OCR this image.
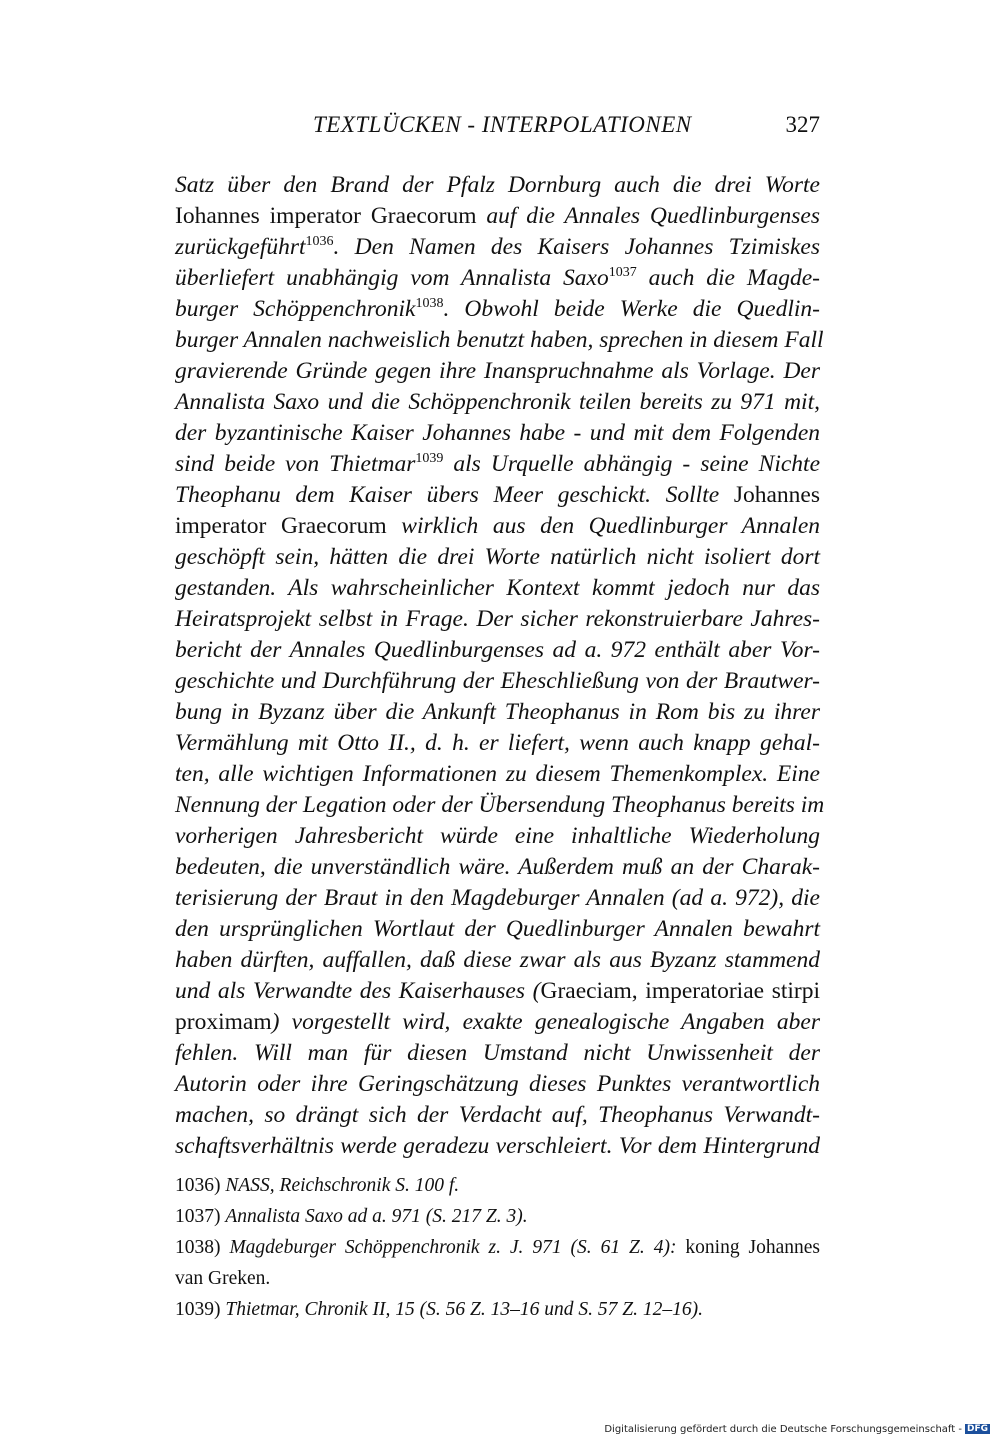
TEXTLÜCKEN - INTERPOLATIONEN	327
Satz über den Brand der Pfalz Dornburg auch die drei Worte
Iohannes imperator Graecorum auf die Annales Quedlinburgenses
zurückgeführt$^{1036}$. Den Namen des Kaisers Johannes Tzimiskes
überliefert unabhängig vom Annalista Saxo$^{1037}$ auch die Magde-
burger Schöppenchronik$^{1038}$. Obwohl beide Werke die Quedlin-
burger Annalen nachweislich benutzt haben, sprechen in diesem Fall
gravierende Gründe gegen ihre Inanspruchnahme als Vorlage. Der
Annalista Saxo und die Schöppenchronik teilen bereits zu 971 mit,
der byzantinische Kaiser Johannes habe - und mit dem Folgenden
sind beide von Thietmar$^{1039}$ als Urquelle abhängig - seine Nichte
Theophanu dem Kaiser übers Meer geschickt. Sollte Johannes
imperator Graecorum wirklich aus den Quedlinburger Annalen
geschöpft sein, hätten die drei Worte natürlich nicht isoliert dort
gestanden. Als wahrscheinlicher Kontext kommt jedoch nur das
Heiratsprojekt selbst in Frage. Der sicher rekonstruierbare Jahres-
bericht der Annales Quedlinburgenses ad a. 972 enthält aber Vor-
geschichte und Durchführung der Eheschließung von der Brautwer-
bung in Byzanz über die Ankunft Theophanus in Rom bis zu ihrer
Vermählung mit Otto II., d. h. er liefert, wenn auch knapp gehal-
ten, alle wichtigen Informationen zu diesem Themenkomplex. Eine
Nennung der Legation oder der Übersendung Theophanus bereits im
vorherigen Jahresbericht würde eine inhaltliche Wiederholung
bedeuten, die unverständlich wäre. Außerdem muß an der Charak-
terisierung der Braut in den Magdeburger Annalen (ad a. 972), die
den ursprünglichen Wortlaut der Quedlinburger Annalen bewahrt
haben dürften, auffallen, daß diese zwar als aus Byzanz stammend
und als Verwandte des Kaiserhauses (Graeciam, imperatoriae stirpi
proximam) vorgestellt wird, exakte genealogische Angaben aber
fehlen. Will man für diesen Umstand nicht Unwissenheit der
Autorin oder ihre Geringschätzung dieses Punktes verantwortlich
machen, so drängt sich der Verdacht auf, Theophanus Verwandt-
schaftsverhältnis werde geradezu verschleiert. Vor dem Hintergrund
1036) NASS, Reichschronik S. 100 f.
1037) Annalista Saxo ad a. 971 (S. 217 Z. 3).
1038) Magdeburger Schöppenchronik z. J. 971 (S. 61 Z. 4): koning Johannes
van Greken.
1039) Thietmar, Chronik II, 15 (S. 56 Z. 13–16 und S. 57 Z. 12–16).
Digitalisierung gefördert durch die Deutsche Forschungsgemeinschaft - DFG
